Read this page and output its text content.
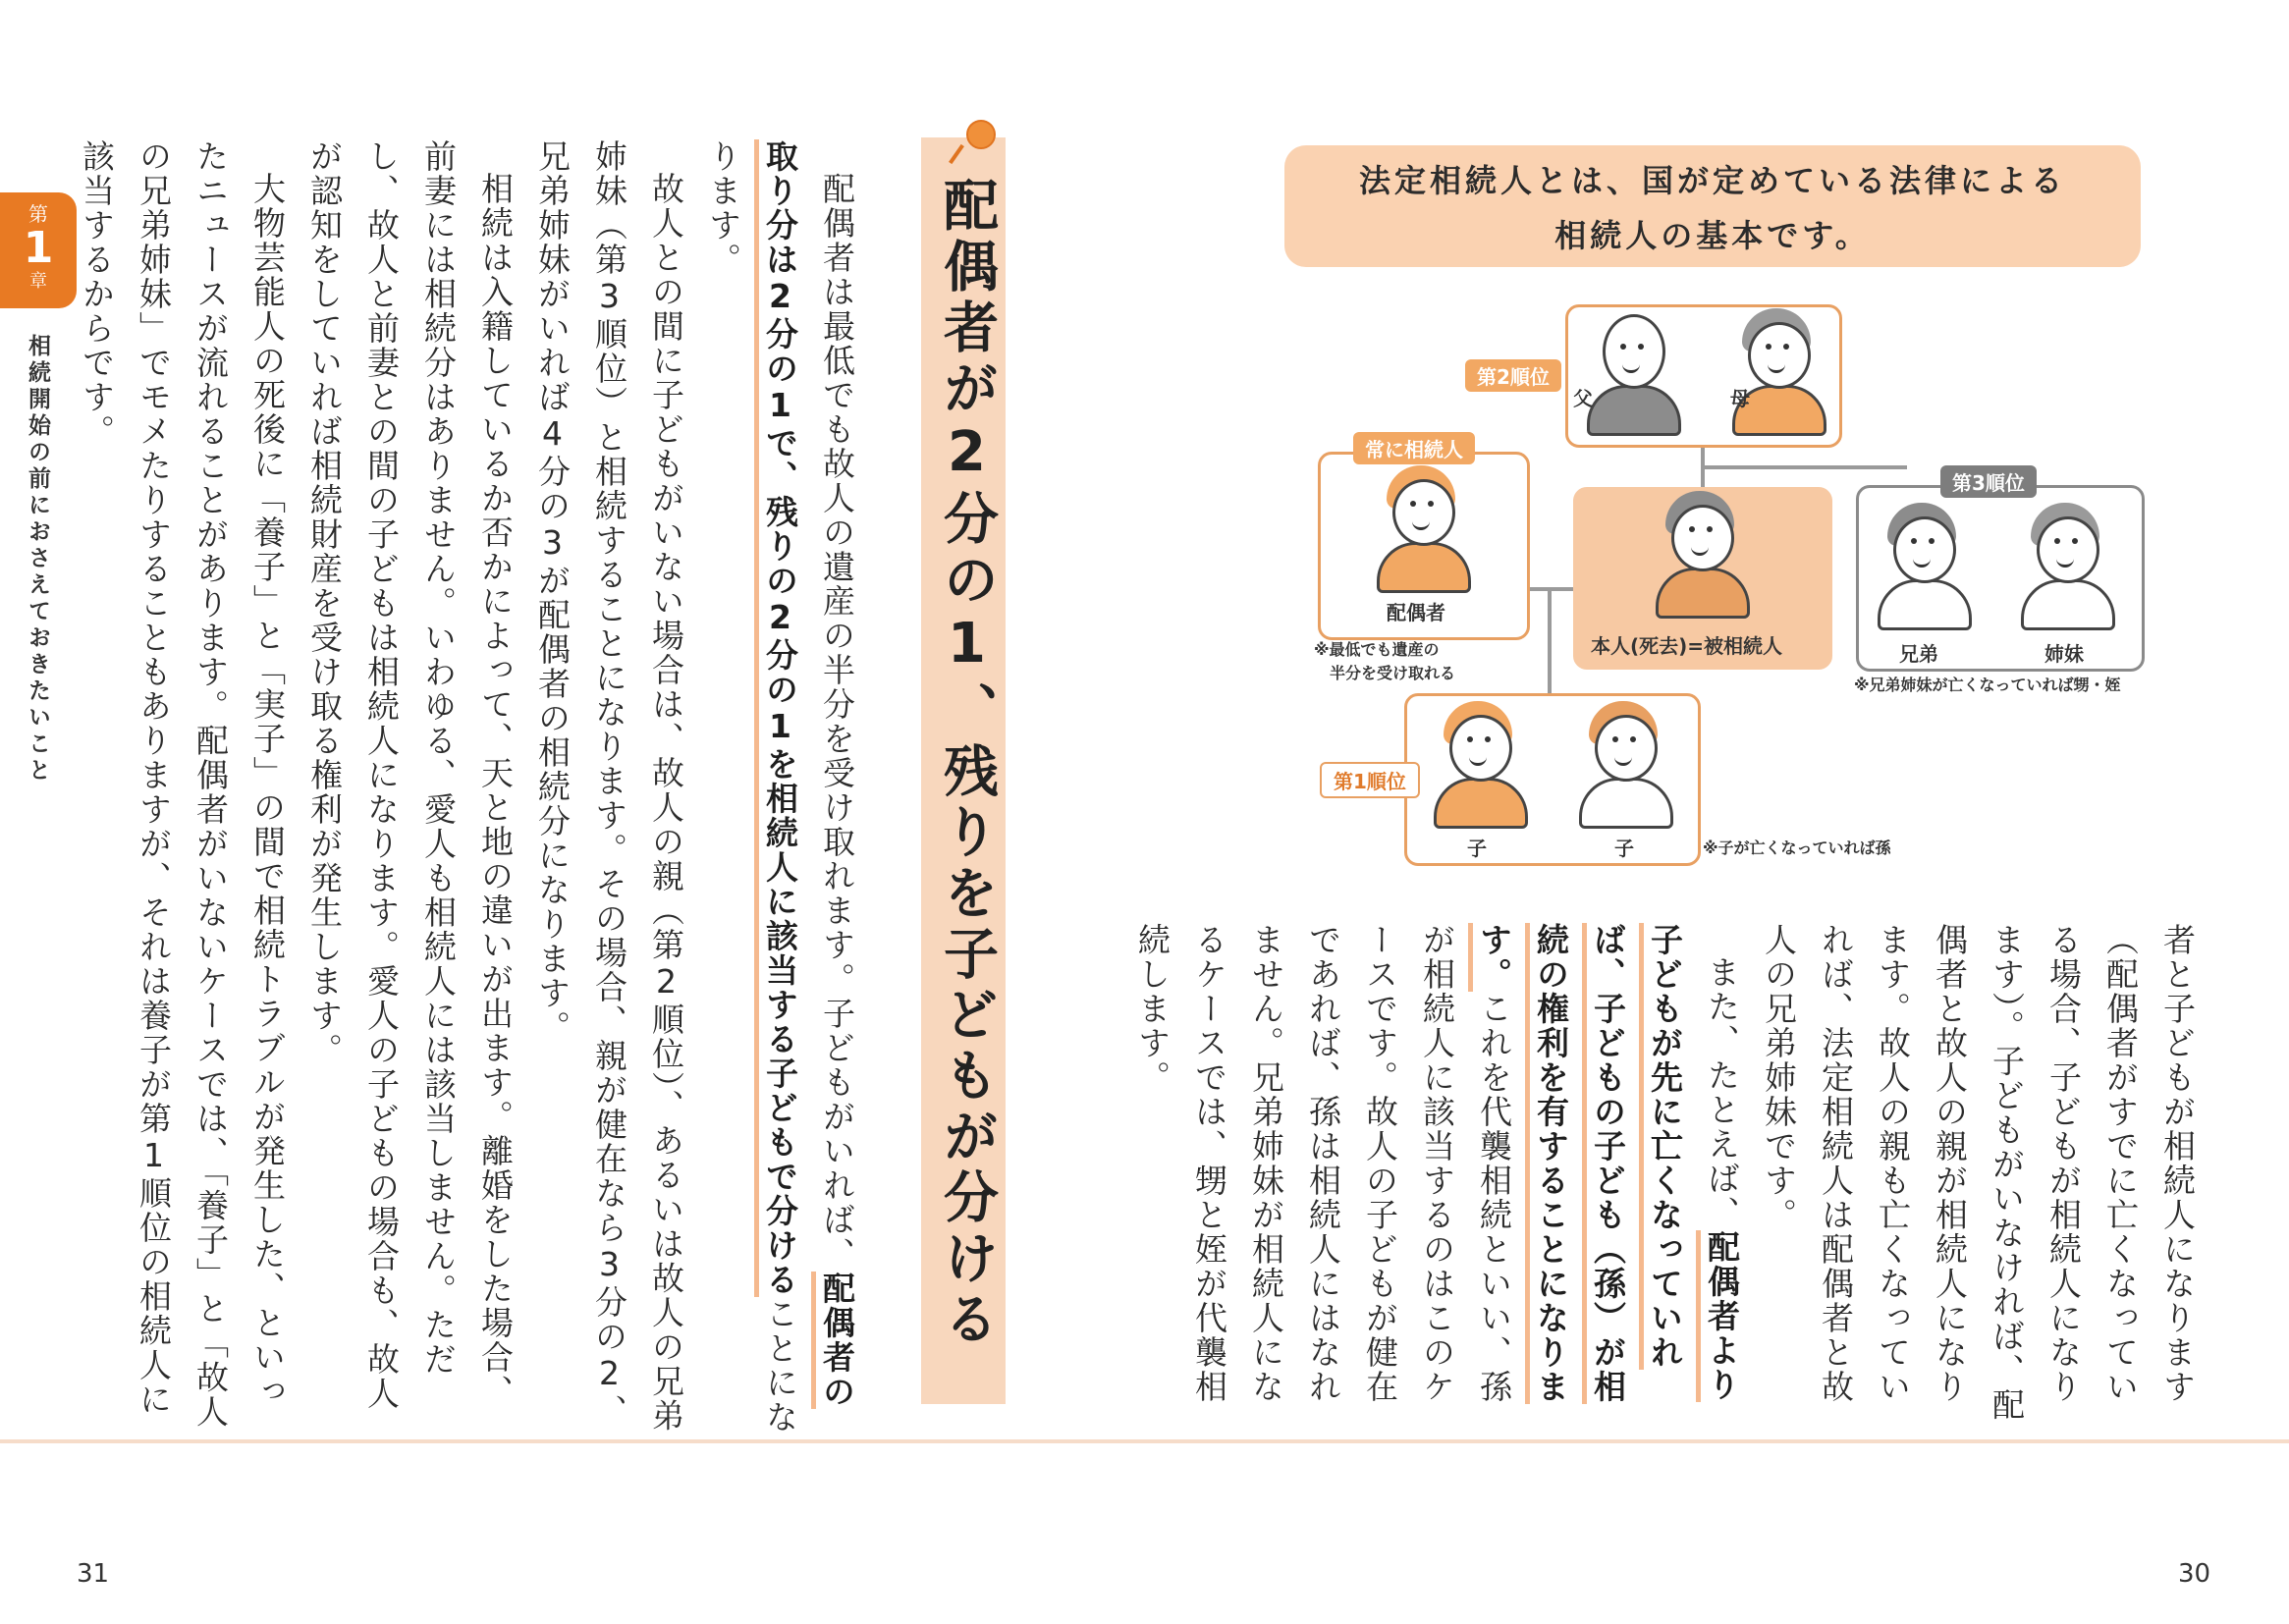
第
1
章
相続開始の前におさえておきたいこと	配偶者は最低でも故人の遺産の半分を受け取れます。子どもがいれば、配偶者の取り分は2分の1で、残りの2分の1を相続人に該当する子どもで分けることになります。

故人との間に子どもがいない場合は、故人の親（第2順位）、あるいは故人の兄弟姉妹（第3順位）と相続することになります。その場合、親が健在なら3分の2、兄弟姉妹がいれば4分の3が配偶者の相続分になります。

相続は入籍しているか否かによって、天と地の違いが出ます。離婚をした場合、前妻には相続分はありません。いわゆる、愛人も相続人には該当しません。ただし、故人と前妻との間の子どもは相続人になります。愛人の子どもの場合も、故人が認知をしていれば相続財産を受け取る権利が発生します。

大物芸能人の死後に「養子」と「実子」の間で相続トラブルが発生した、といったニュースが流れることがあります。配偶者がいないケースでは、「養子」と「故人の兄弟姉妹」でモメたりすることもありますが、それは養子が第1順位の相続人に該当するからです。	配偶者が2分の1、残りを子どもが分ける	法定相続人とは、国が定めている法律による
相続人の基本です。
第2順位
父	母
常に相続人
配偶者
※最低でも遺産の
半分を受け取れる
本人(死去)=被相続人
第3順位
兄弟	姉妹
※兄弟姉妹が亡くなっていれば甥・姪
第1順位
子	子	※子が亡くなっていれば孫

者と子どもが相続人になります（配偶者がすでに亡くなっている場合、子どもが相続人になります）。子どもがいなければ、配偶者と故人の親が相続人になります。故人の親も亡くなっていれば、法定相続人は配偶者と故人の兄弟姉妹です。

また、たとえば、配偶者より子どもが先に亡くなっていれば、子どもの子ども（孫）が相続の権利を有することになります。これを代襲相続といい、孫が相続人に該当するのはこのケースです。故人の子どもが健在であれば、孫は相続人にはなれません。兄弟姉妹が相続人になるケースでは、甥と姪が代襲相続します。

31	30
